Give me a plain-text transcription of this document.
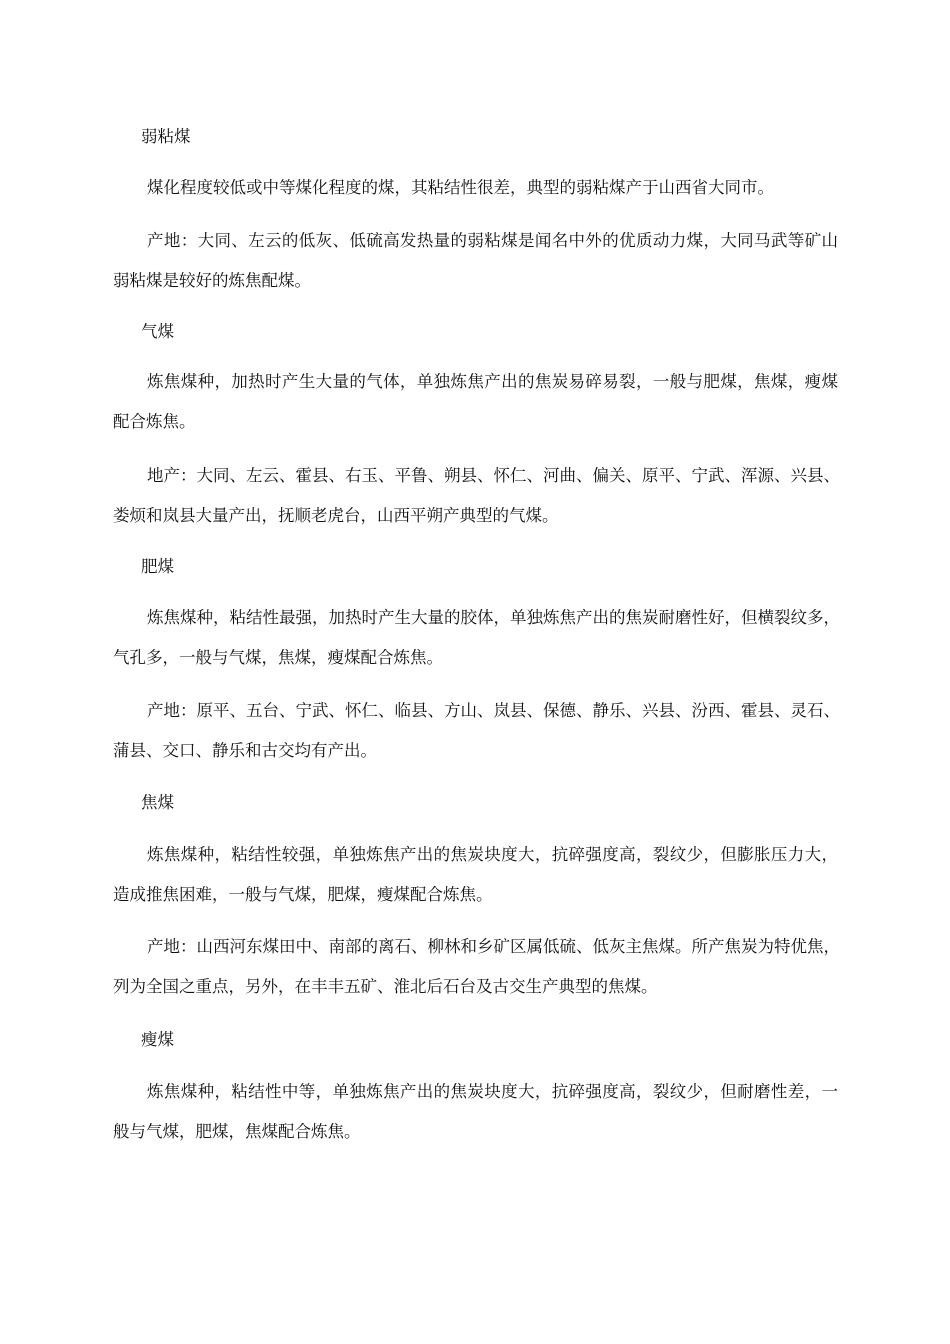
弱粘煤
煤化程度较低或中等煤化程度的煤，其粘结性很差，典型的弱粘煤产于山西省大同市。
产地：大同、左云的低灰、低硫高发热量的弱粘煤是闻名中外的优质动力煤，大同马武等矿山
弱粘煤是较好的炼焦配煤。
气煤
炼焦煤种，加热时产生大量的气体，单独炼焦产出的焦炭易碎易裂，一般与肥煤，焦煤，瘦煤
配合炼焦。
地产：大同、左云、霍县、右玉、平鲁、朔县、怀仁、河曲、偏关、原平、宁武、浑源、兴县、
娄烦和岚县大量产出，抚顺老虎台，山西平朔产典型的气煤。
肥煤
炼焦煤种，粘结性最强，加热时产生大量的胶体，单独炼焦产出的焦炭耐磨性好，但横裂纹多，
气孔多，一般与气煤，焦煤，瘦煤配合炼焦。
产地：原平、五台、宁武、怀仁、临县、方山、岚县、保德、静乐、兴县、汾西、霍县、灵石、
蒲县、交口、静乐和古交均有产出。
焦煤
炼焦煤种，粘结性较强，单独炼焦产出的焦炭块度大，抗碎强度高，裂纹少，但膨胀压力大，
造成推焦困难，一般与气煤，肥煤，瘦煤配合炼焦。
产地：山西河东煤田中、南部的离石、柳林和乡矿区属低硫、低灰主焦煤。所产焦炭为特优焦，
列为全国之重点，另外，在丰丰五矿、淮北后石台及古交生产典型的焦煤。
瘦煤
炼焦煤种，粘结性中等，单独炼焦产出的焦炭块度大，抗碎强度高，裂纹少，但耐磨性差，一
般与气煤，肥煤，焦煤配合炼焦。
